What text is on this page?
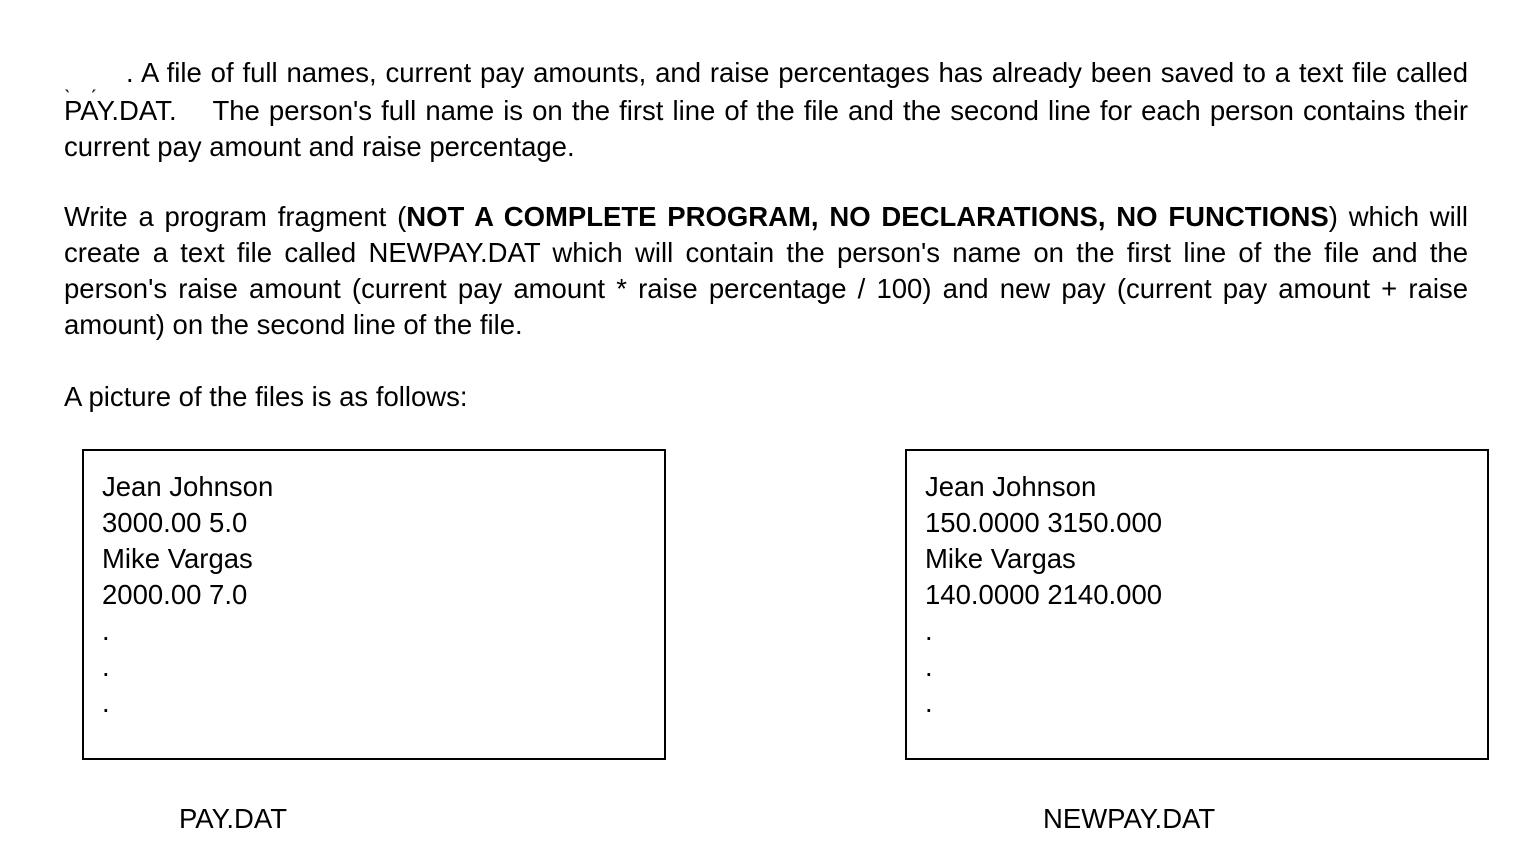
ˎ ˏ . A file of full names, current pay amounts, and raise percentages has already been saved to a text file called PAY.DAT.    The person's full name is on the first line of the file and the second line for each person contains their current pay amount and raise percentage.

Write a program fragment (NOT A COMPLETE PROGRAM, NO DECLARATIONS, NO FUNCTIONS) which will create a text file called NEWPAY.DAT which will contain the person's name on the first line of the file and the person's raise amount (current pay amount * raise percentage / 100) and new pay (current pay amount + raise amount) on the second line of the file.

A picture of the files is as follows:

Jean Johnson
3000.00 5.0
Mike Vargas
2000.00 7.0
.
.
.
Jean Johnson
150.0000 3150.000
Mike Vargas
140.0000 2140.000
.
.
.
PAY.DAT	NEWPAY.DAT
